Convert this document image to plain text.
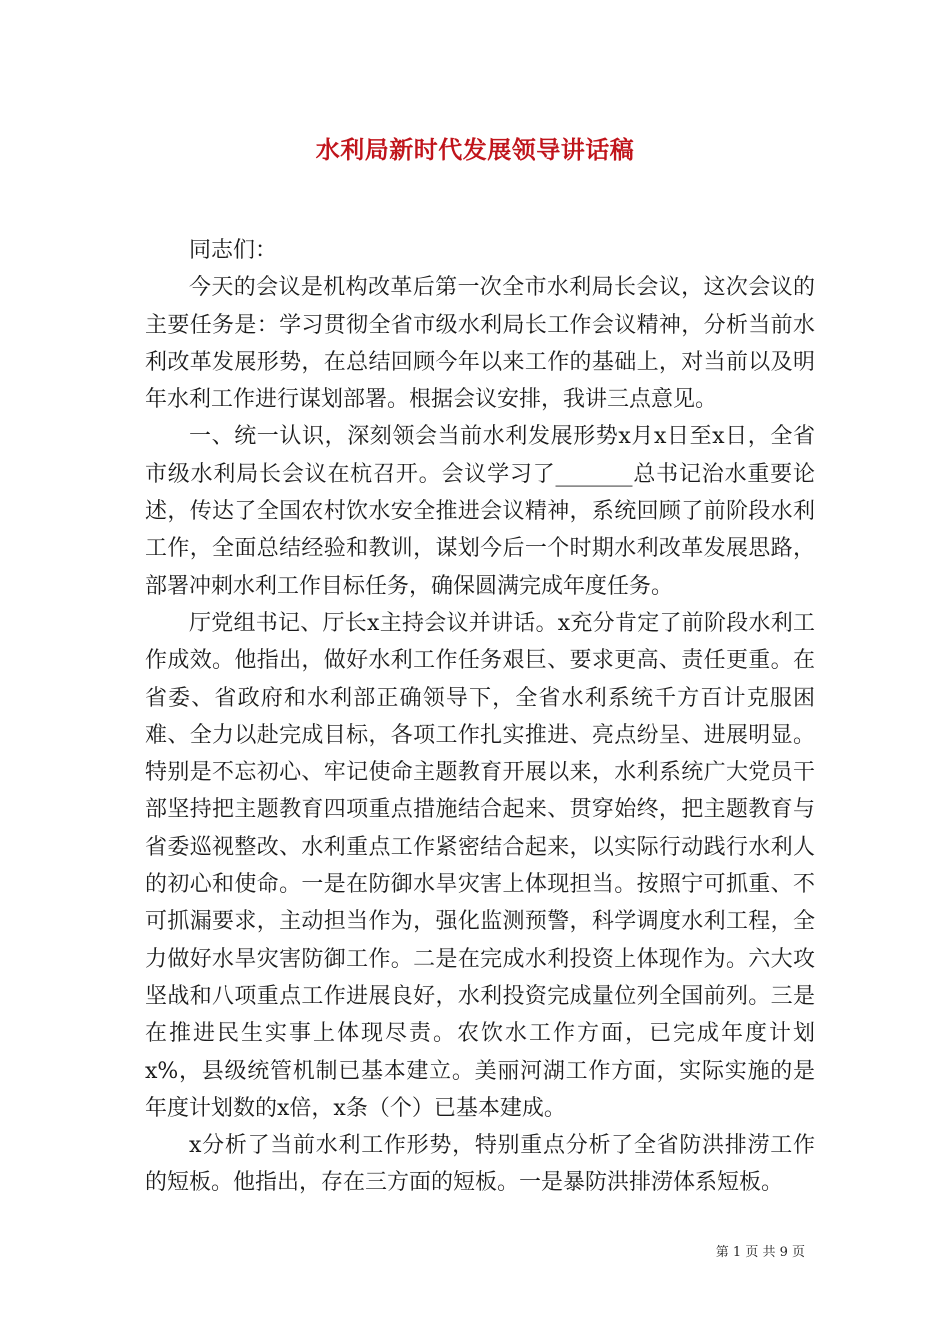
水利局新时代发展领导讲话稿

同志们：

今天的会议是机构改革后第一次全市水利局长会议，这次会议的主要任务是：学习贯彻全省市级水利局长工作会议精神，分析当前水利改革发展形势，在总结回顾今年以来工作的基础上，对当前以及明年水利工作进行谋划部署。根据会议安排，我讲三点意见。

一、统一认识，深刻领会当前水利发展形势x月x日至x日，全省市级水利局长会议在杭召开。会议学习了_______总书记治水重要论述，传达了全国农村饮水安全推进会议精神，系统回顾了前阶段水利工作，全面总结经验和教训，谋划今后一个时期水利改革发展思路，部署冲刺水利工作目标任务，确保圆满完成年度任务。

厅党组书记、厅长x主持会议并讲话。x充分肯定了前阶段水利工作成效。他指出，做好水利工作任务艰巨、要求更高、责任更重。在省委、省政府和水利部正确领导下，全省水利系统千方百计克服困难、全力以赴完成目标，各项工作扎实推进、亮点纷呈、进展明显。特别是不忘初心、牢记使命主题教育开展以来，水利系统广大党员干部坚持把主题教育四项重点措施结合起来、贯穿始终，把主题教育与省委巡视整改、水利重点工作紧密结合起来，以实际行动践行水利人的初心和使命。一是在防御水旱灾害上体现担当。按照宁可抓重、不可抓漏要求，主动担当作为，强化监测预警，科学调度水利工程，全力做好水旱灾害防御工作。二是在完成水利投资上体现作为。六大攻坚战和八项重点工作进展良好，水利投资完成量位列全国前列。三是在推进民生实事上体现尽责。农饮水工作方面，已完成年度计划x%，县级统管机制已基本建立。美丽河湖工作方面，实际实施的是年度计划数的x倍，x条（个）已基本建成。

x分析了当前水利工作形势，特别重点分析了全省防洪排涝工作的短板。他指出，存在三方面的短板。一是暴防洪排涝体系短板。

第 1 页 共 9 页
